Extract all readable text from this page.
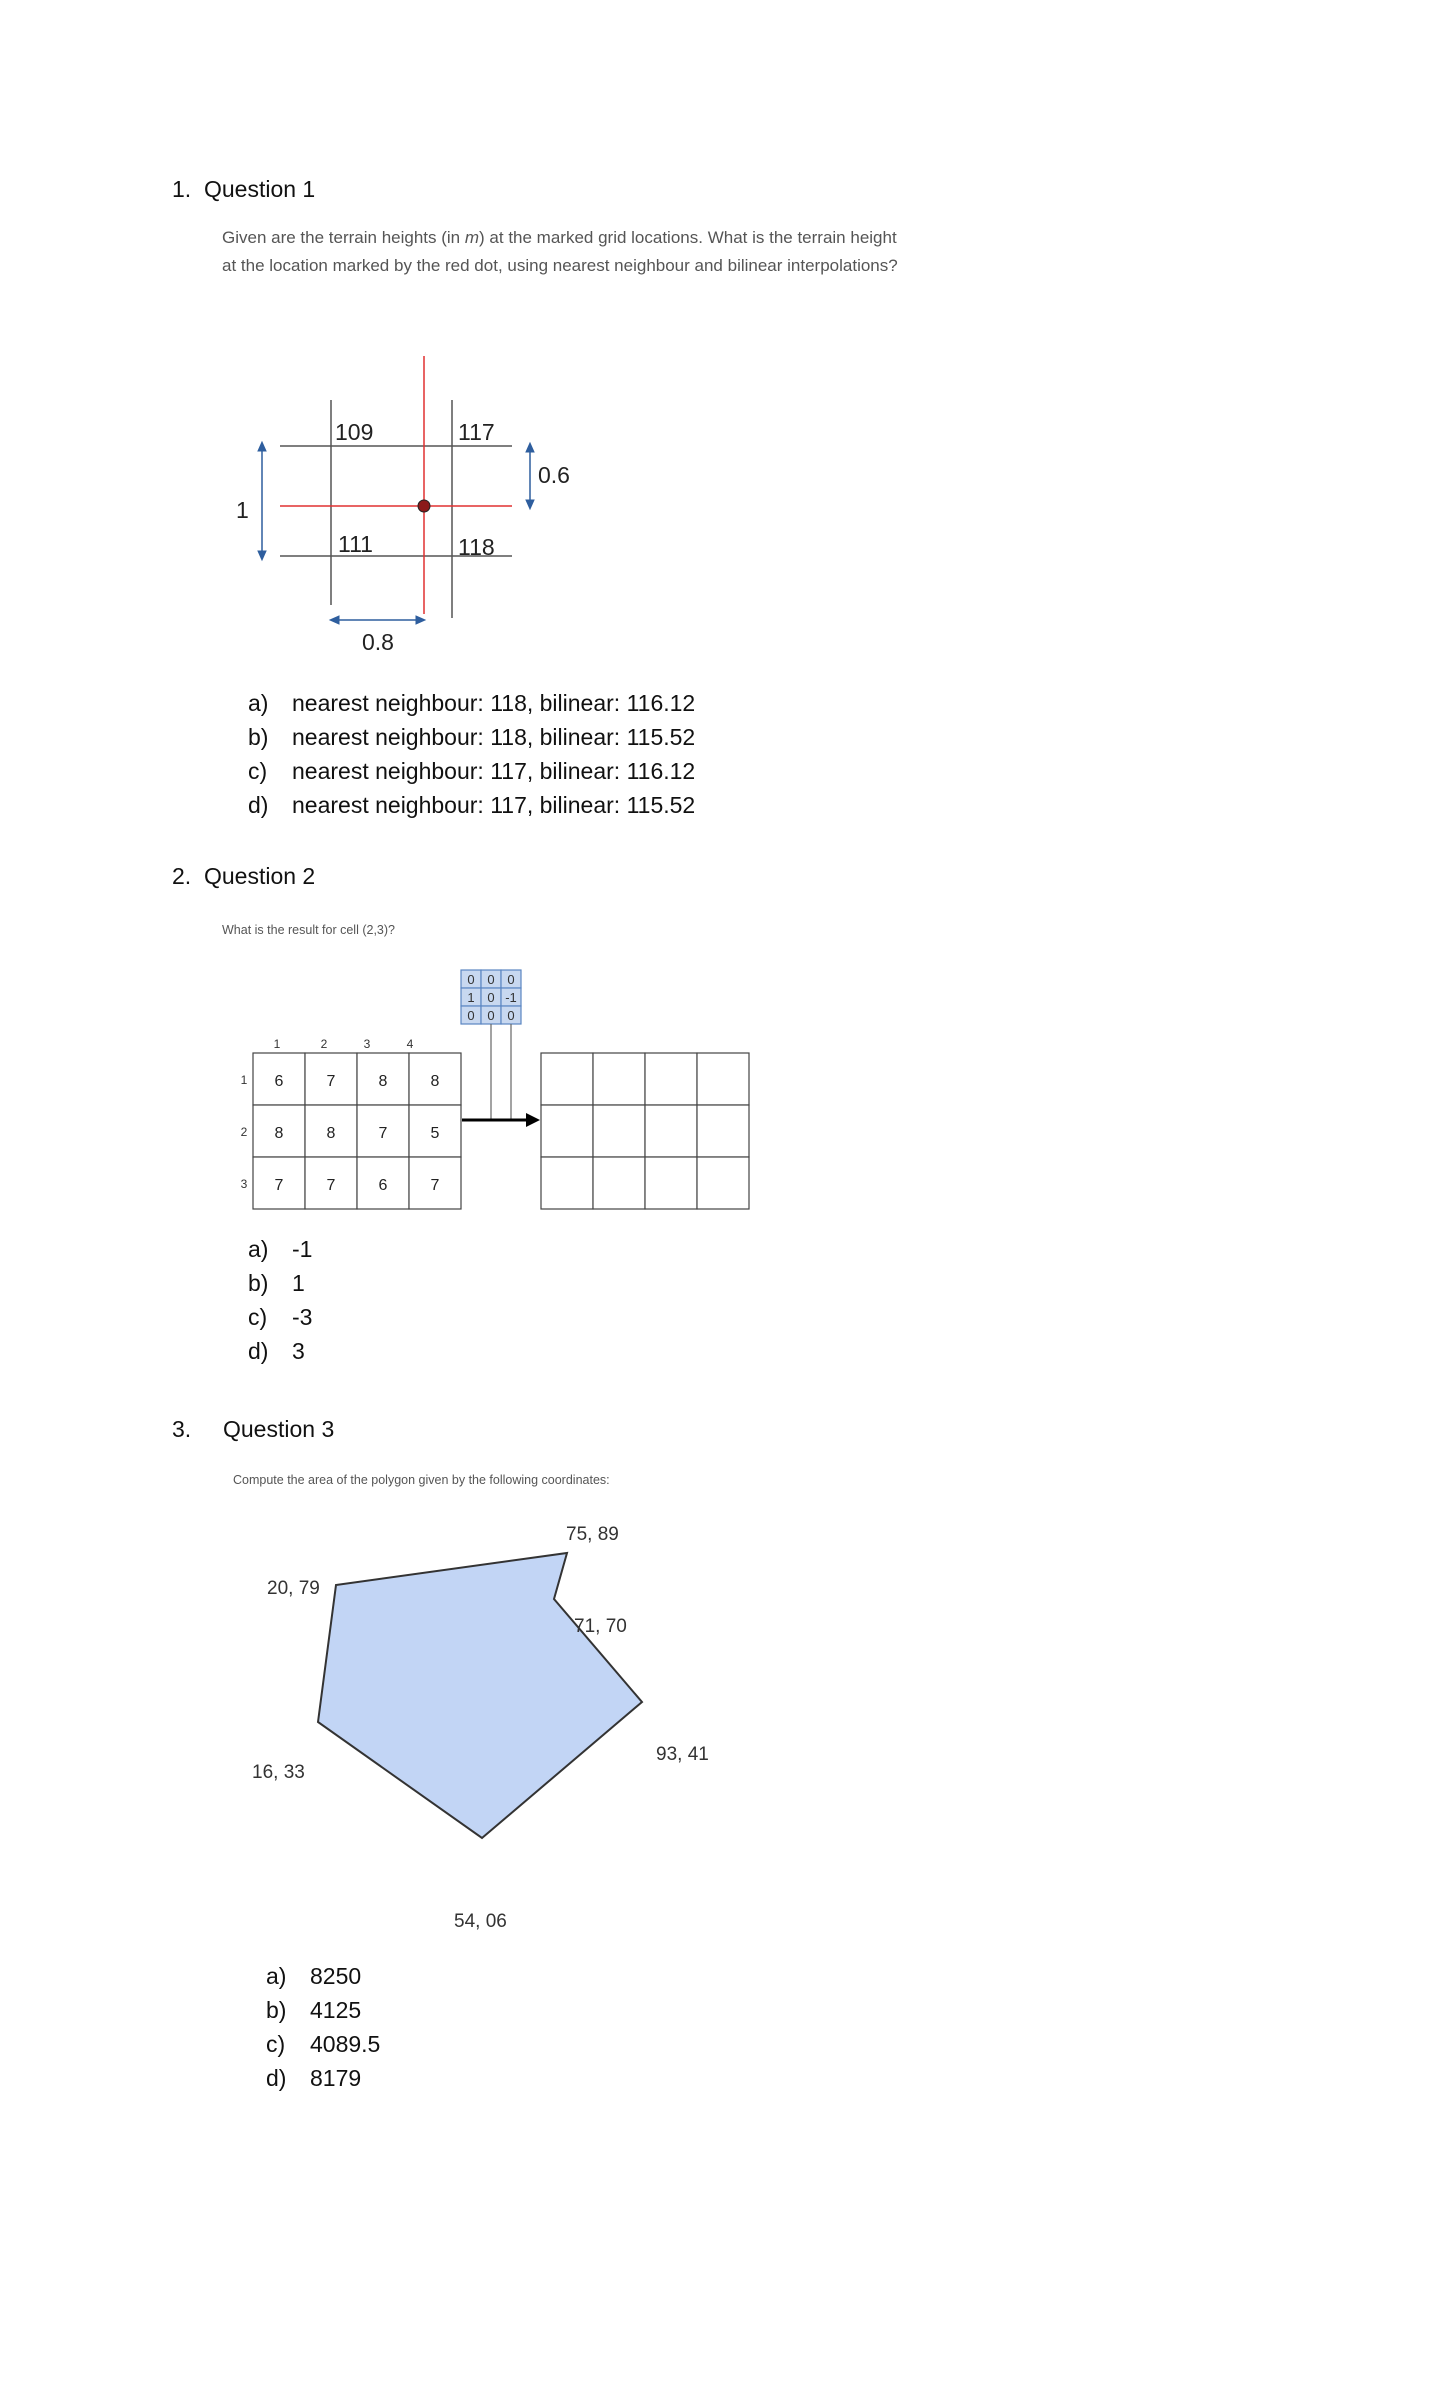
1. Question 1
Given are the terrain heights (in m) at the marked grid locations. What is the terrain height at the location marked by the red dot, using nearest neighbour and bilinear interpolations?
109	117
111	118
1
0.8
0.6
a) nearest neighbour: 118, bilinear: 116.12
b) nearest neighbour: 118, bilinear: 115.52
c) nearest neighbour: 117, bilinear: 116.12
d) nearest neighbour: 117, bilinear: 115.52
2. Question 2
What is the result for cell (2,3)?
0 0 0
1 0 -1
0 0 0
1	2	3	4
1
2
3
6	7	8	8
8	8	7	5
7	7	6	7
a) -1
b) 1
c) -3
d) 3
3. Question 3
Compute the area of the polygon given by the following coordinates:
75, 89
71, 70
93, 41
54, 06
16, 33
20, 79
a) 8250
b) 4125
c) 4089.5
d) 8179
